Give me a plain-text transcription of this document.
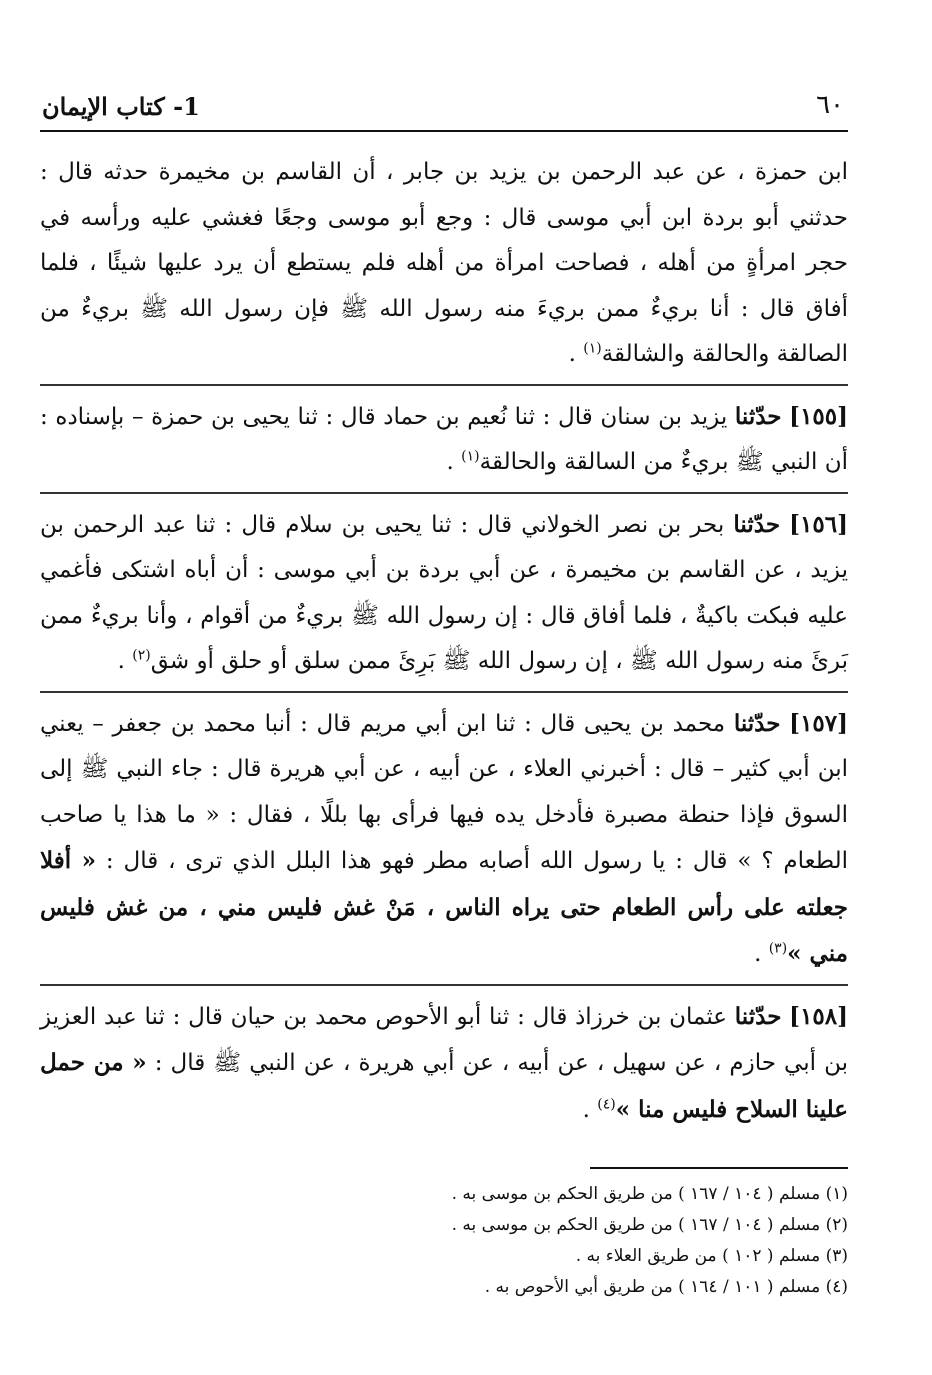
٦٠
1- كتاب الإيمان

ابن حمزة ، عن عبد الرحمن بن يزيد بن جابر ، أن القاسم بن مخيمرة حدثه قال : حدثني أبو بردة ابن أبي موسى قال : وجع أبو موسى وجعًا فغشي عليه ورأسه في حجر امرأةٍ من أهله ، فصاحت امرأة من أهله فلم يستطع أن يرد عليها شيئًا ، فلما أفاق قال : أنا بريءٌ ممن بريءَ منه رسول الله ﷺ فإن رسول الله ﷺ بريءٌ من الصالقة والحالقة والشالقة$^{(١)}$ .

[١٥٥] حدّثنا يزيد بن سنان قال : ثنا نُعيم بن حماد قال : ثنا يحيى بن حمزة – بإسناده : أن النبي ﷺ بريءٌ من السالقة والحالقة$^{(١)}$ .

[١٥٦] حدّثنا بحر بن نصر الخولاني قال : ثنا يحيى بن سلام قال : ثنا عبد الرحمن بن يزيد ، عن القاسم بن مخيمرة ، عن أبي بردة بن أبي موسى : أن أباه اشتكى فأغمي عليه فبكت باكيةٌ ، فلما أفاق قال : إن رسول الله ﷺ بريءٌ من أقوام ، وأنا بريءٌ ممن بَرئَ منه رسول الله ﷺ ، إن رسول الله ﷺ بَرِئَ ممن سلق أو حلق أو شق$^{(٢)}$ .

[١٥٧] حدّثنا محمد بن يحيى قال : ثنا ابن أبي مريم قال : أنبا محمد بن جعفر – يعني ابن أبي كثير – قال : أخبرني العلاء ، عن أبيه ، عن أبي هريرة قال : جاء النبي ﷺ إلى السوق فإذا حنطة مصبرة فأدخل يده فيها فرأى بها بللًا ، فقال : « ما هذا يا صاحب الطعام ؟ » قال : يا رسول الله أصابه مطر فهو هذا البلل الذي ترى ، قال : « أفلا جعلته على رأس الطعام حتى يراه الناس ، مَنْ غش فليس مني ، من غش فليس مني »$^{(٣)}$ .

[١٥٨] حدّثنا عثمان بن خرزاذ قال : ثنا أبو الأحوص محمد بن حيان قال : ثنا عبد العزيز بن أبي حازم ، عن سهيل ، عن أبيه ، عن أبي هريرة ، عن النبي ﷺ قال : « من حمل علينا السلاح فليس منا »$^{(٤)}$ .

(١) مسلم ( ١٠٤ / ١٦٧ ) من طريق الحكم بن موسى به .
(٢) مسلم ( ١٠٤ / ١٦٧ ) من طريق الحكم بن موسى به .
(٣) مسلم ( ١٠٢ ) من طريق العلاء به .
(٤) مسلم ( ١٠١ / ١٦٤ ) من طريق أبي الأحوص به .
